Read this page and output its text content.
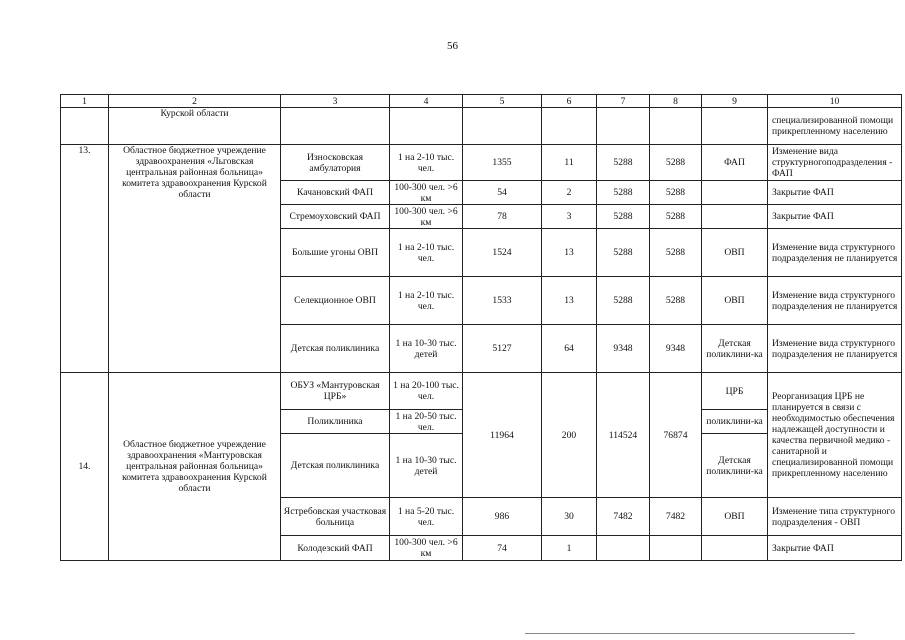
56
1	2	3	4	5	6	7	8	9	10
	Курской области								специализированной помощи прикрепленному населению
13.	Областное бюджетное учреждение здравоохранения «Льговская центральная районная больница» комитета здравоохранения Курской области	Износковская амбулатория	1 на 2-10 тыс. чел.	1355	11	5288	5288	ФАП	Изменение вида структурногоподразделения - ФАП
		Качановский ФАП	100-300 чел. >6 км	54	2	5288	5288		Закрытие ФАП
		Стремоуховский ФАП	100-300 чел. >6 км	78	3	5288	5288		Закрытие ФАП
		Большие угоны ОВП	1 на 2-10 тыс. чел.	1524	13	5288	5288	ОВП	Изменение вида структурного подразделения не планируется
		Селекционное ОВП	1 на 2-10 тыс. чел.	1533	13	5288	5288	ОВП	Изменение вида структурного подразделения не планируется
		Детская поликлиника	1 на 10-30 тыс. детей	5127	64	9348	9348	Детская поликлини-ка	Изменение вида структурного подразделения не планируется
14.	Областное бюджетное учреждение здравоохранения «Мантуровская центральная районная больница» комитета здравоохранения Курской области	ОБУЗ «Мантуровская ЦРБ»	1 на 20-100 тыс. чел.	11964	200	114524	76874	ЦРБ	Реорганизация ЦРБ не планируется в связи с необходимостью обеспечения надлежащей доступности и качества первичной медико - санитарной и специализированной помощи прикрепленному населению
		Поликлиника	1 на 20-50 тыс. чел.					поликлини-ка	
		Детская поликлиника	1 на 10-30 тыс. детей					Детская поликлини-ка	
		Ястребовская участковая больница	1 на 5-20 тыс. чел.	986	30	7482	7482	ОВП	Изменение типа структурного подразделения - ОВП
		Колодезский ФАП	100-300 чел. >6 км	74	1				Закрытие ФАП
